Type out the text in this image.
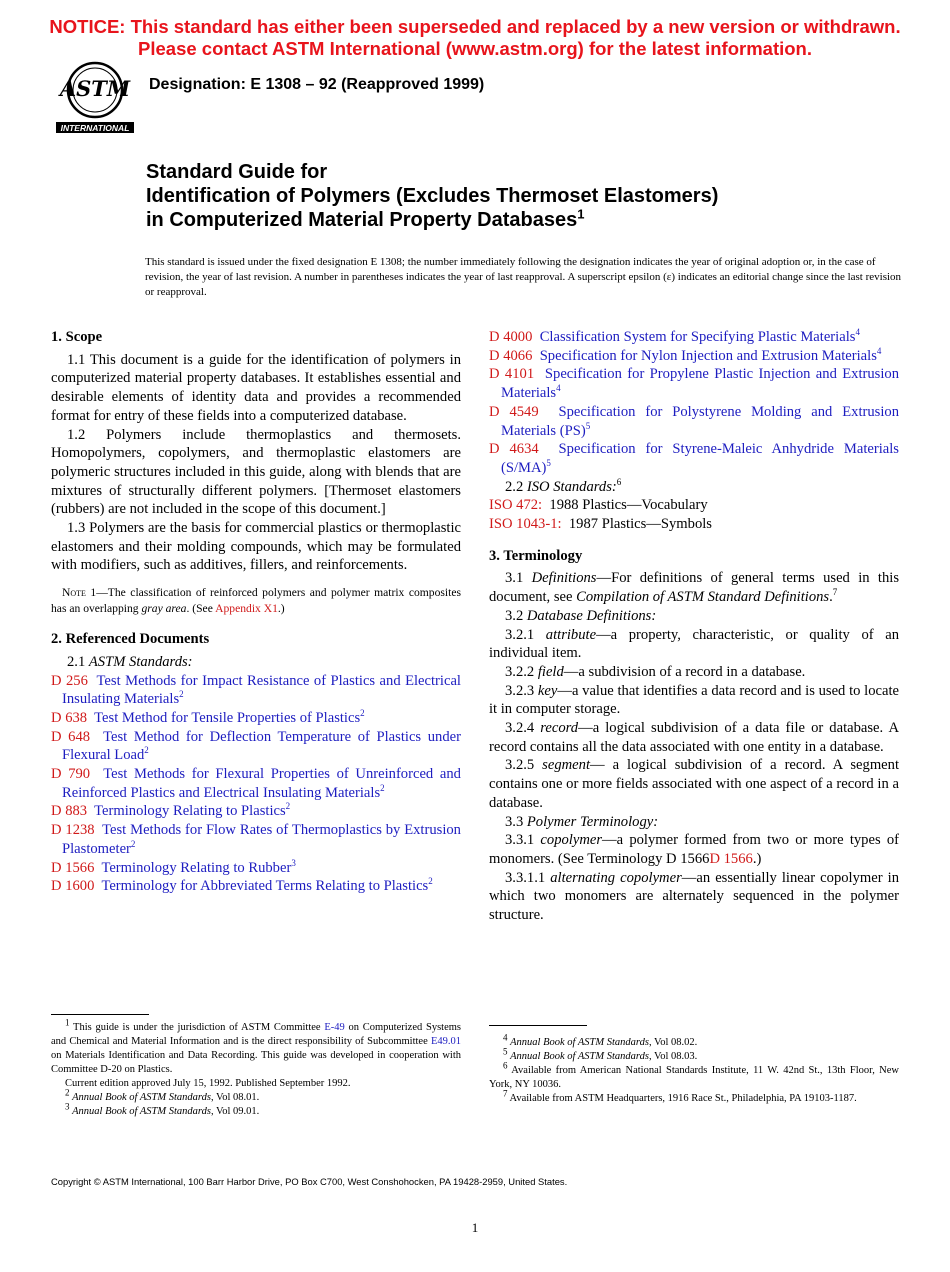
NOTICE: This standard has either been superseded and replaced by a new version or withdrawn.
Please contact ASTM International (www.astm.org) for the latest information.
ASTM
INTERNATIONAL
Designation: E 1308 – 92 (Reapproved 1999)
Standard Guide for
Identification of Polymers (Excludes Thermoset Elastomers)
in Computerized Material Property Databases$^1$
This standard is issued under the fixed designation E 1308; the number immediately following the designation indicates the year of original adoption or, in the case of revision, the year of last revision. A number in parentheses indicates the year of last reapproval. A superscript epsilon (ε) indicates an editorial change since the last revision or reapproval.
1. Scope

1.1 This document is a guide for the identification of polymers in computerized material property databases. It establishes essential and desirable elements of identity data and provides a recommended format for entry of these fields into a computerized database.

1.2 Polymers include thermoplastics and thermosets. Homopolymers, copolymers, and thermoplastic elastomers are polymeric structures included in this guide, along with blends that are mixtures of structurally different polymers. [Thermoset elastomers (rubbers) are not included in the scope of this document.]

1.3 Polymers are the basis for commercial plastics or thermoplastic elastomers and their molding compounds, which may be formulated with modifiers, such as additives, fillers, and reinforcements.

Note 1—The classification of reinforced polymers and polymer matrix composites has an overlapping gray area. (See Appendix X1.)

2. Referenced Documents

2.1 ASTM Standards:

D 256 Test Methods for Impact Resistance of Plastics and Electrical Insulating Materials$^2$

D 638 Test Method for Tensile Properties of Plastics$^2$

D 648 Test Method for Deflection Temperature of Plastics under Flexural Load$^2$

D 790 Test Methods for Flexural Properties of Unreinforced and Reinforced Plastics and Electrical Insulating Materials$^2$

D 883 Terminology Relating to Plastics$^2$

D 1238 Test Methods for Flow Rates of Thermoplastics by Extrusion Plastometer$^2$

D 1566 Terminology Relating to Rubber$^3$

D 1600 Terminology for Abbreviated Terms Relating to Plastics$^2$

D 4000 Classification System for Specifying Plastic Materials$^4$

D 4066 Specification for Nylon Injection and Extrusion Materials$^4$

D 4101 Specification for Propylene Plastic Injection and Extrusion Materials$^4$

D 4549 Specification for Polystyrene Molding and Extrusion Materials (PS)$^5$

D 4634 Specification for Styrene-Maleic Anhydride Materials $(S/MA)^5$

2.2 ISO Standards:$^6$

ISO 472: 1988 Plastics—Vocabulary

ISO 1043-1: 1987 Plastics—Symbols

3. Terminology

3.1 Definitions—For definitions of general terms used in this document, see Compilation of ASTM Standard Definitions.$^7$

3.2 Database Definitions:

3.2.1 attribute—a property, characteristic, or quality of an individual item.

3.2.2 field—a subdivision of a record in a database.

3.2.3 key—a value that identifies a data record and is used to locate it in computer storage.

3.2.4 record—a logical subdivision of a data file or database. A record contains all the data associated with one entity in a database.

3.2.5 segment— a logical subdivision of a record. A segment contains one or more fields associated with one aspect of a record in a database.

3.3 Polymer Terminology:

3.3.1 copolymer—a polymer formed from two or more types of monomers. (See Terminology D 1566D 1566.)

3.3.1.1 alternating copolymer—an essentially linear copolymer in which two monomers are alternately sequenced in the polymer structure.

$^1$ This guide is under the jurisdiction of ASTM Committee E-49 on Computerized Systems and Chemical and Material Information and is the direct responsibility of Subcommittee E49.01 on Materials Identification and Data Recording. This guide was developed in cooperation with Committee D-20 on Plastics.

Current edition approved July 15, 1992. Published September 1992.

$^2$ Annual Book of ASTM Standards, Vol 08.01.

$^3$ Annual Book of ASTM Standards, Vol 09.01.

$^4$ Annual Book of ASTM Standards, Vol 08.02.

$^5$ Annual Book of ASTM Standards, Vol 08.03.

$^6$ Available from American National Standards Institute, 11 W. 42nd St., 13th Floor, New York, NY 10036.

$^7$ Available from ASTM Headquarters, 1916 Race St., Philadelphia, PA 19103-1187.

Copyright © ASTM International, 100 Barr Harbor Drive, PO Box C700, West Conshohocken, PA 19428-2959, United States.
1
